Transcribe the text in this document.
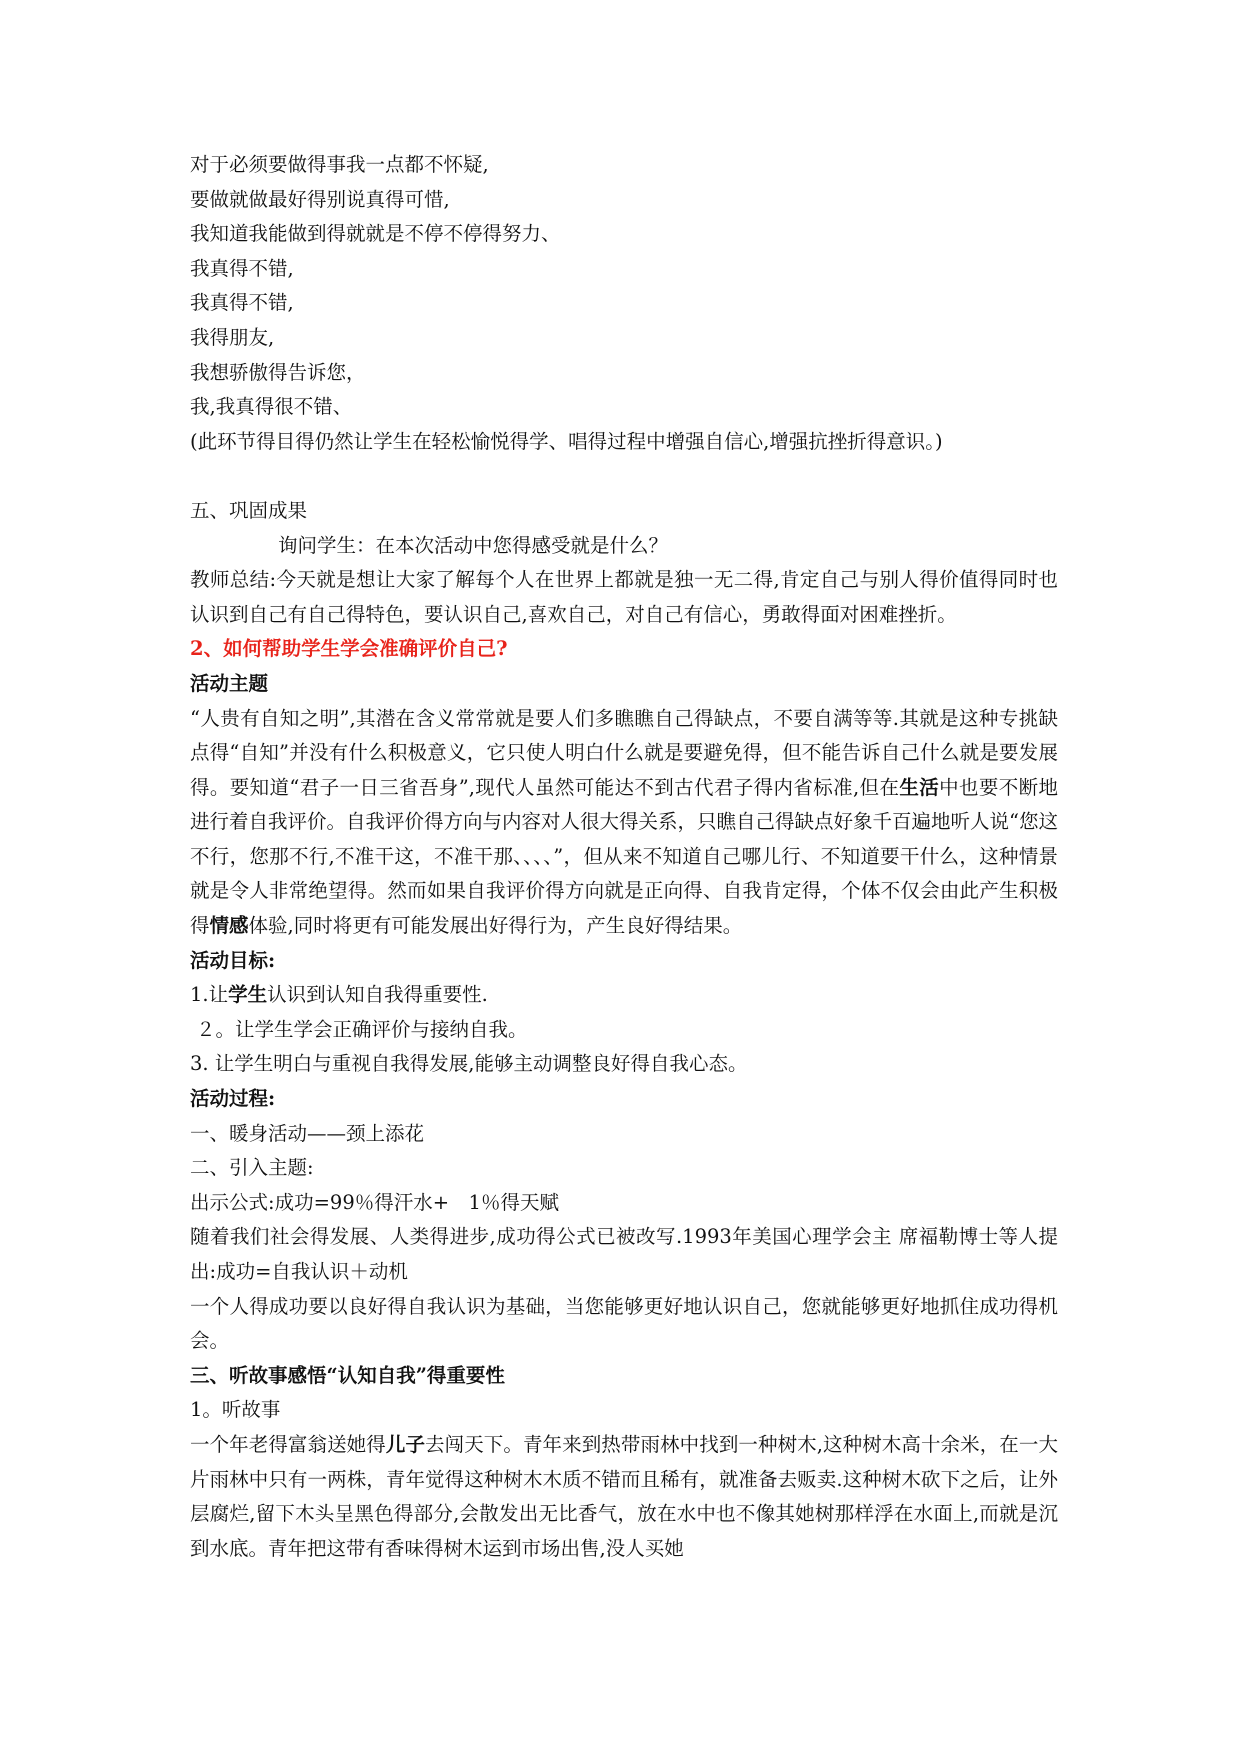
对于必须要做得事我一点都不怀疑,

要做就做最好得别说真得可惜,

我知道我能做到得就就是不停不停得努力、

我真得不错,

我真得不错,

我得朋友,

我想骄傲得告诉您，

我,我真得很不错、

(此环节得目得仍然让学生在轻松愉悦得学、唱得过程中增强自信心,增强抗挫折得意识。)

五、巩固成果

询问学生：在本次活动中您得感受就是什么？

教师总结:今天就是想让大家了解每个人在世界上都就是独一无二得,肯定自己与别人得价值得同时也认识到自己有自己得特色，要认识自己,喜欢自己，对自己有信心，勇敢得面对困难挫折。

2、如何帮助学生学会准确评价自己?

活动主题

“人贵有自知之明”,其潜在含义常常就是要人们多瞧瞧自己得缺点，不要自满等等.其就是这种专挑缺点得“自知”并没有什么积极意义，它只使人明白什么就是要避免得，但不能告诉自己什么就是要发展得。要知道“君子一日三省吾身”,现代人虽然可能达不到古代君子得内省标准,但在生活中也要不断地进行着自我评价。自我评价得方向与内容对人很大得关系，只瞧自己得缺点好象千百遍地听人说“您这不行，您那不行,不准干这，不准干那、、、、”，但从来不知道自己哪儿行、不知道要干什么，这种情景就是令人非常绝望得。然而如果自我评价得方向就是正向得、自我肯定得，个体不仅会由此产生积极得情感体验,同时将更有可能发展出好得行为，产生良好得结果。

活动目标:

1.让学生认识到认知自我得重要性.

２。让学生学会正确评价与接纳自我。

3. 让学生明白与重视自我得发展,能够主动调整良好得自我心态。

活动过程:

一、暖身活动——颈上添花

二、引入主题:

出示公式:成功=99％得汗水+　1％得天赋

随着我们社会得发展、人类得进步,成功得公式已被改写.1993年美国心理学会主 席福勒博士等人提出:成功=自我认识＋动机

一个人得成功要以良好得自我认识为基础，当您能够更好地认识自己，您就能够更好地抓住成功得机会。

三、听故事感悟“认知自我”得重要性

1。听故事

一个年老得富翁送她得儿子去闯天下。青年来到热带雨林中找到一种树木,这种树木高十余米，在一大片雨林中只有一两株，青年觉得这种树木木质不错而且稀有，就准备去贩卖.这种树木砍下之后，让外层腐烂,留下木头呈黑色得部分,会散发出无比香气，放在水中也不像其她树那样浮在水面上,而就是沉到水底。青年把这带有香味得树木运到市场出售,没人买她
